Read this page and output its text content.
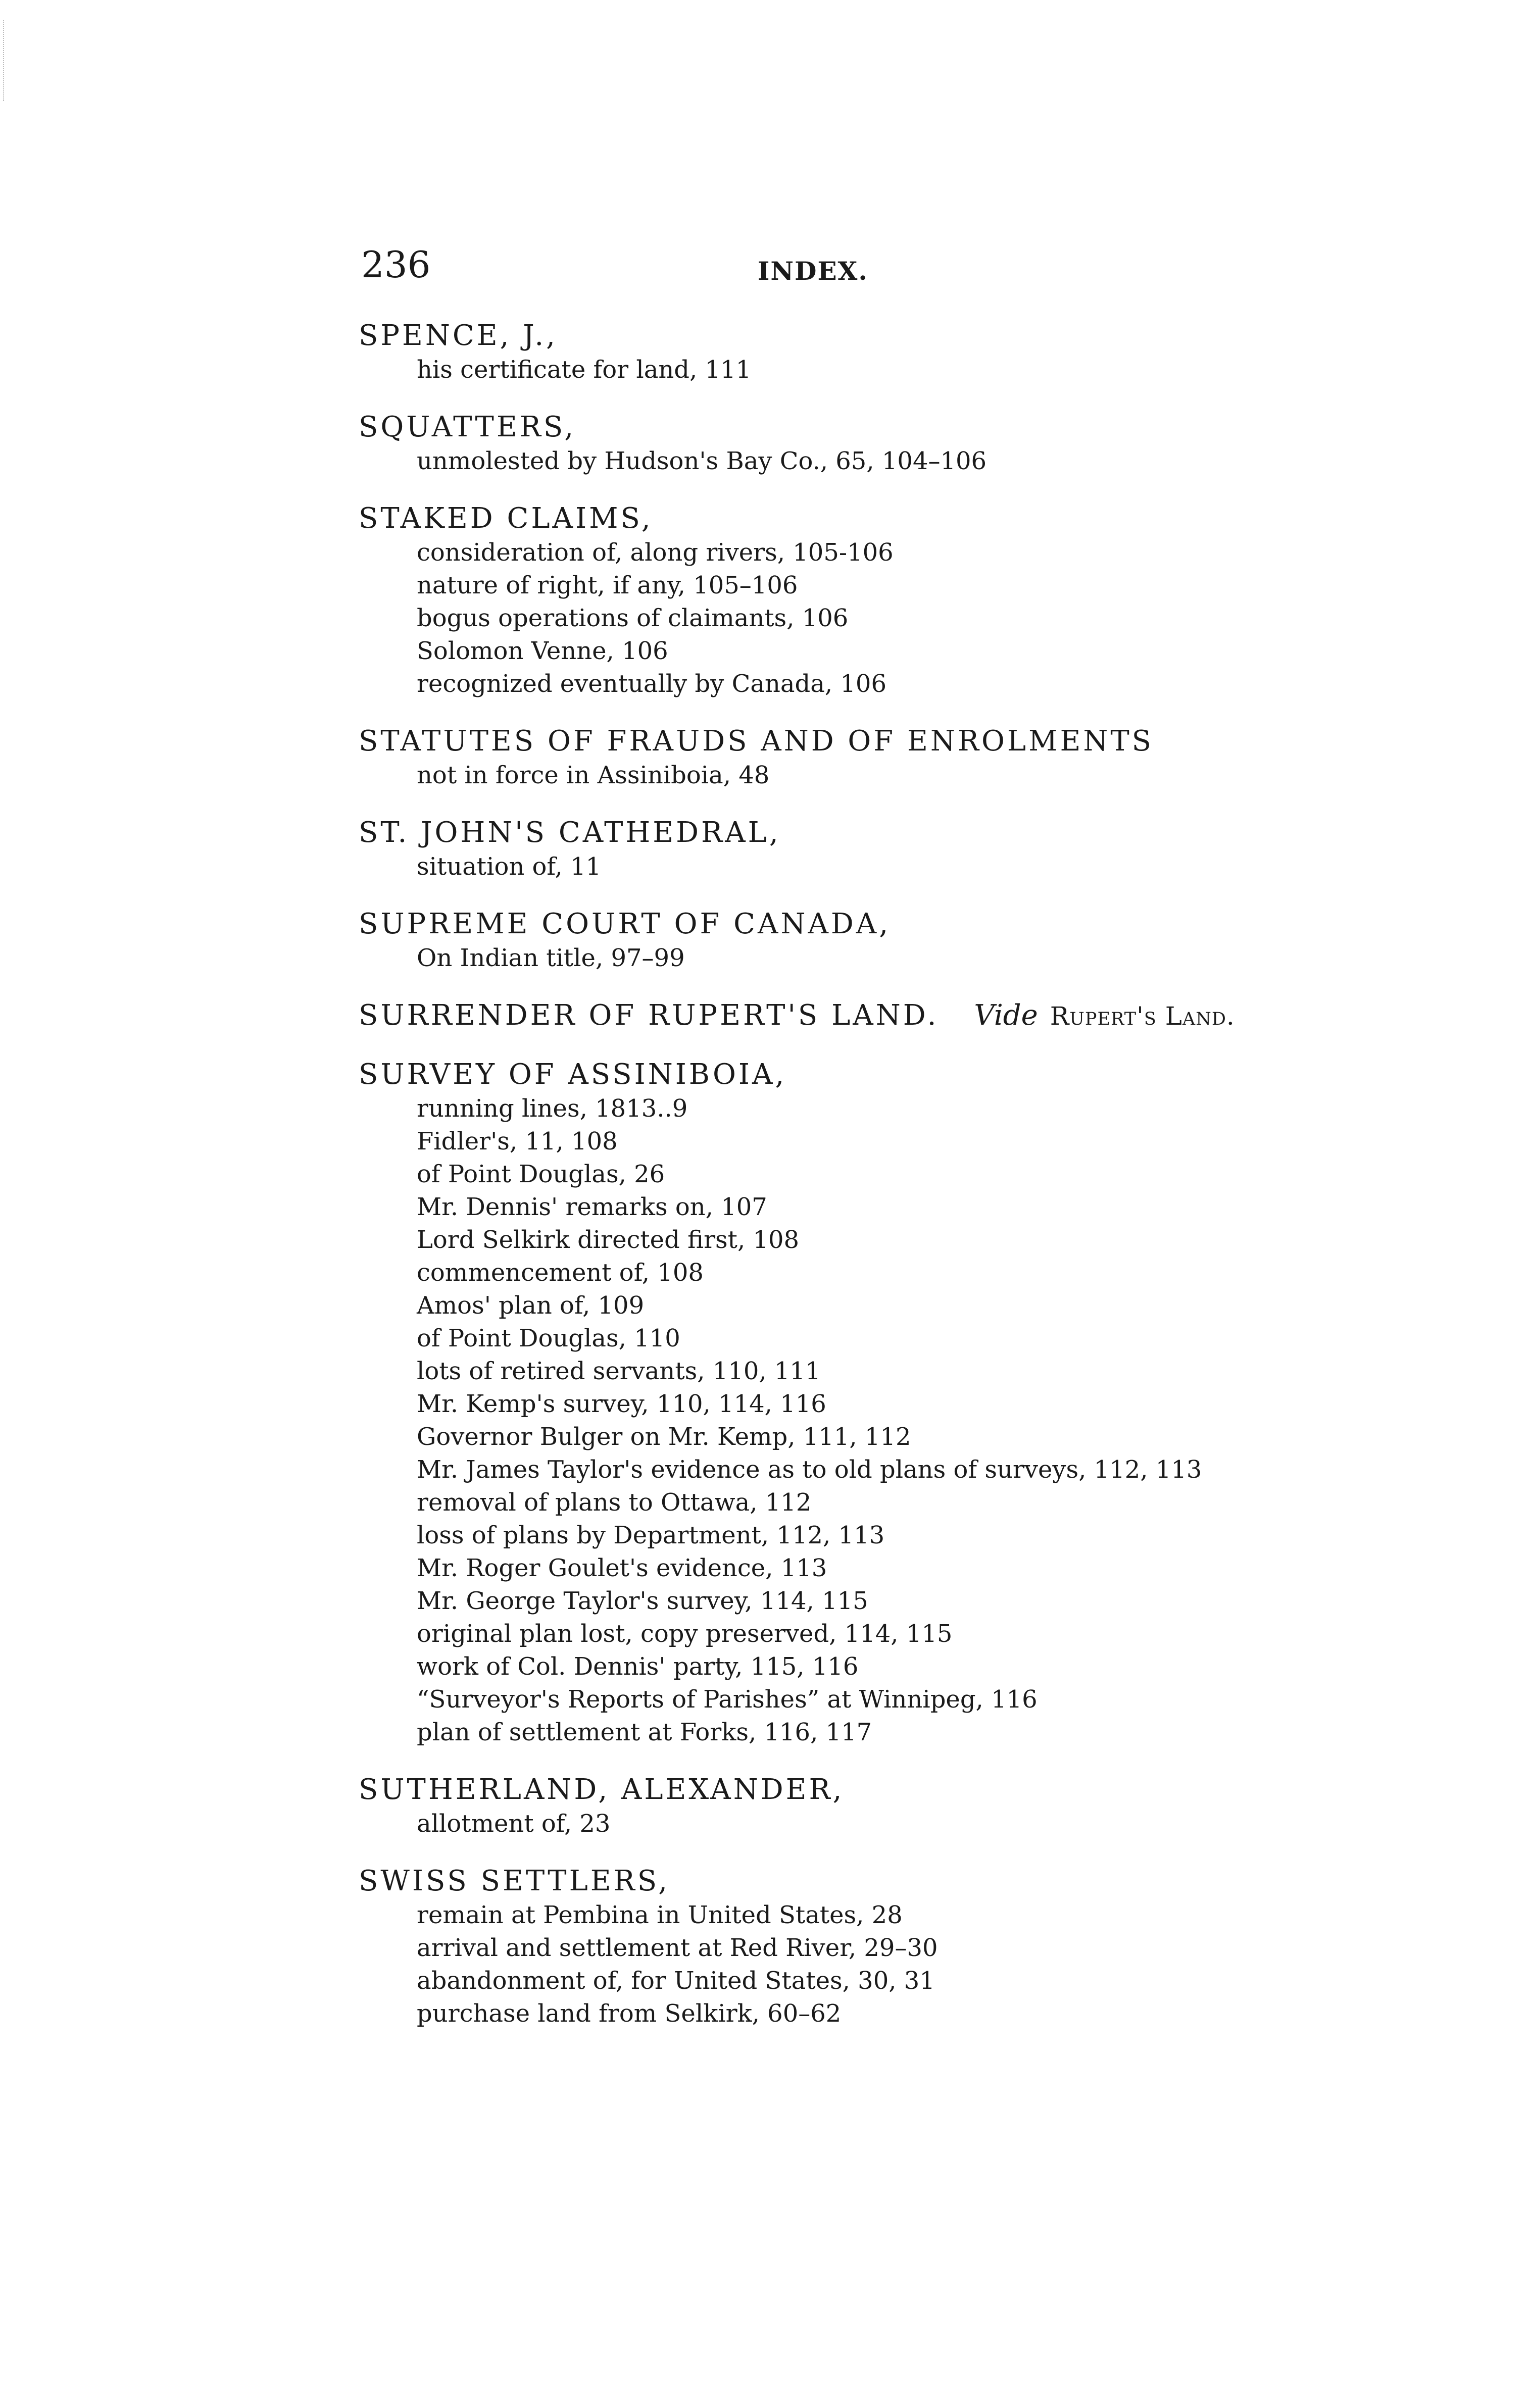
236	INDEX.
SPENCE, J.,
his certificate for land, 111
SQUATTERS,
unmolested by Hudson's Bay Co., 65, 104–106
STAKED CLAIMS,
consideration of, along rivers, 105-106
nature of right, if any, 105–106
bogus operations of claimants, 106
Solomon Venne, 106
recognized eventually by Canada, 106
STATUTES OF FRAUDS AND OF ENROLMENTS
not in force in Assiniboia, 48
ST. JOHN'S CATHEDRAL,
situation of, 11
SUPREME COURT OF CANADA,
On Indian title, 97–99
SURRENDER OF RUPERT'S LAND. Vide Rupert's Land.
SURVEY OF ASSINIBOIA,
running lines, 1813..9
Fidler's, 11, 108
of Point Douglas, 26
Mr. Dennis' remarks on, 107
Lord Selkirk directed first, 108
commencement of, 108
Amos' plan of, 109
of Point Douglas, 110
lots of retired servants, 110, 111
Mr. Kemp's survey, 110, 114, 116
Governor Bulger on Mr. Kemp, 111, 112
Mr. James Taylor's evidence as to old plans of surveys, 112, 113
removal of plans to Ottawa, 112
loss of plans by Department, 112, 113
Mr. Roger Goulet's evidence, 113
Mr. George Taylor's survey, 114, 115
original plan lost, copy preserved, 114, 115
work of Col. Dennis' party, 115, 116
“Surveyor's Reports of Parishes” at Winnipeg, 116
plan of settlement at Forks, 116, 117
SUTHERLAND, ALEXANDER,
allotment of, 23
SWISS SETTLERS,
remain at Pembina in United States, 28
arrival and settlement at Red River, 29–30
abandonment of, for United States, 30, 31
purchase land from Selkirk, 60–62
